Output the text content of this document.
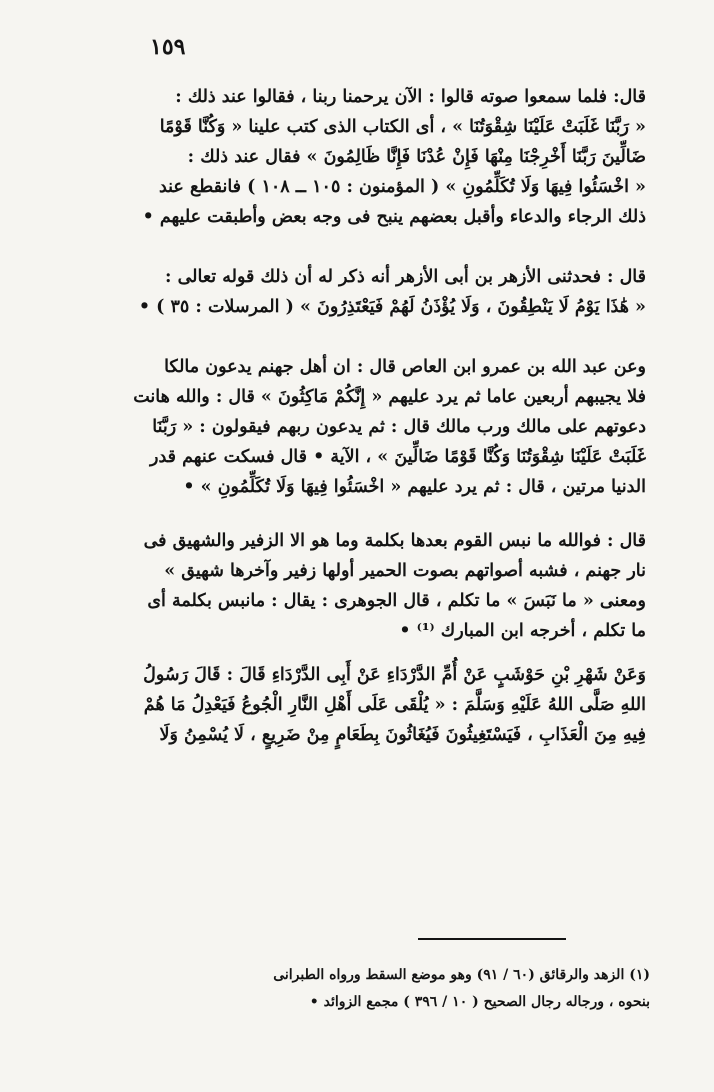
١٥٩

قال: فلما سمعوا صوته قالوا : الآن يرحمنا ربنا ، فقالوا عند ذلك :
« رَبَّنَا غَلَبَتْ عَلَيْنَا شِقْوَتُنَا » ، أى الكتاب الذى كتب علينا « وَكُنَّا قَوْمًا
ضَالِّينَ رَبَّنَا أَخْرِجْنَا مِنْهَا فَإِنْ عُدْنَا فَإِنَّا ظَالِمُونَ » فقال عند ذلك :
« اخْسَئُوا فِيهَا وَلَا تُكَلِّمُونِ » ( المؤمنون : ١٠٥ ــ ١٠٨ ) فانقطع عند
ذلك الرجاء والدعاء وأقبل بعضهم ينبح فى وجه بعض وأطبقت عليهم •

قال : فحدثنى الأزهر بن أبى الأزهر أنه ذكر له أن ذلك قوله تعالى :
« هَٰذَا يَوْمُ لَا يَنْطِقُونَ ، وَلَا يُؤْذَنُ لَهُمْ فَيَعْتَذِرُونَ » ( المرسلات : ٣٥ ) •

وعن عبد الله بن عمرو ابن العاص قال : ان أهل جهنم يدعون مالكا
فلا يجيبهم أربعين عاما ثم يرد عليهم « إِنَّكُمْ مَاكِثُونَ » قال : والله هانت
دعوتهم على مالك ورب مالك قال : ثم يدعون ربهم فيقولون : « رَبَّنَا
غَلَبَتْ عَلَيْنَا شِقْوَتُنَا وَكُنَّا قَوْمًا ضَالِّينَ » ، الآية • قال فسكت عنهم قدر
الدنيا مرتين ، قال : ثم يرد عليهم « اخْسَئُوا فِيهَا وَلَا تُكَلِّمُونِ » •

قال : فوالله ما نبس القوم بعدها بكلمة وما هو الا الزفير والشهيق فى
نار جهنم ، فشبه أصواتهم بصوت الحمير أولها زفير وآخرها شهيق »
ومعنى « ما نَبَسَ » ما تكلم ، قال الجوهرى : يقال : مانبس بكلمة أى
ما تكلم ، أخرجه ابن المبارك ⁽¹⁾ •

وَعَنْ شَهْرِ بْنِ حَوْشَبٍ عَنْ أُمِّ الدَّرْدَاءِ عَنْ أَبِى الدَّرْدَاءِ قَالَ : قَالَ رَسُولُ
اللهِ صَلَّى اللهُ عَلَيْهِ وَسَلَّمَ : « يُلْقَى عَلَى أَهْلِ النَّارِ الْجُوعُ فَيَعْدِلُ مَا هُمْ
فِيهِ مِنَ الْعَذَابِ ، فَيَسْتَغِيثُونَ فَيُغَاثُونَ بِطَعَامٍ مِنْ ضَرِيعٍ ، لَا يُسْمِنُ وَلَا

(١) الزهد والرقائق (٦٠ / ٩١) وهو موضع السقط ورواه الطبرانى
بنحوه ، ورجاله رجال الصحيح ( ١٠ / ٣٩٦ ) مجمع الزوائد •
